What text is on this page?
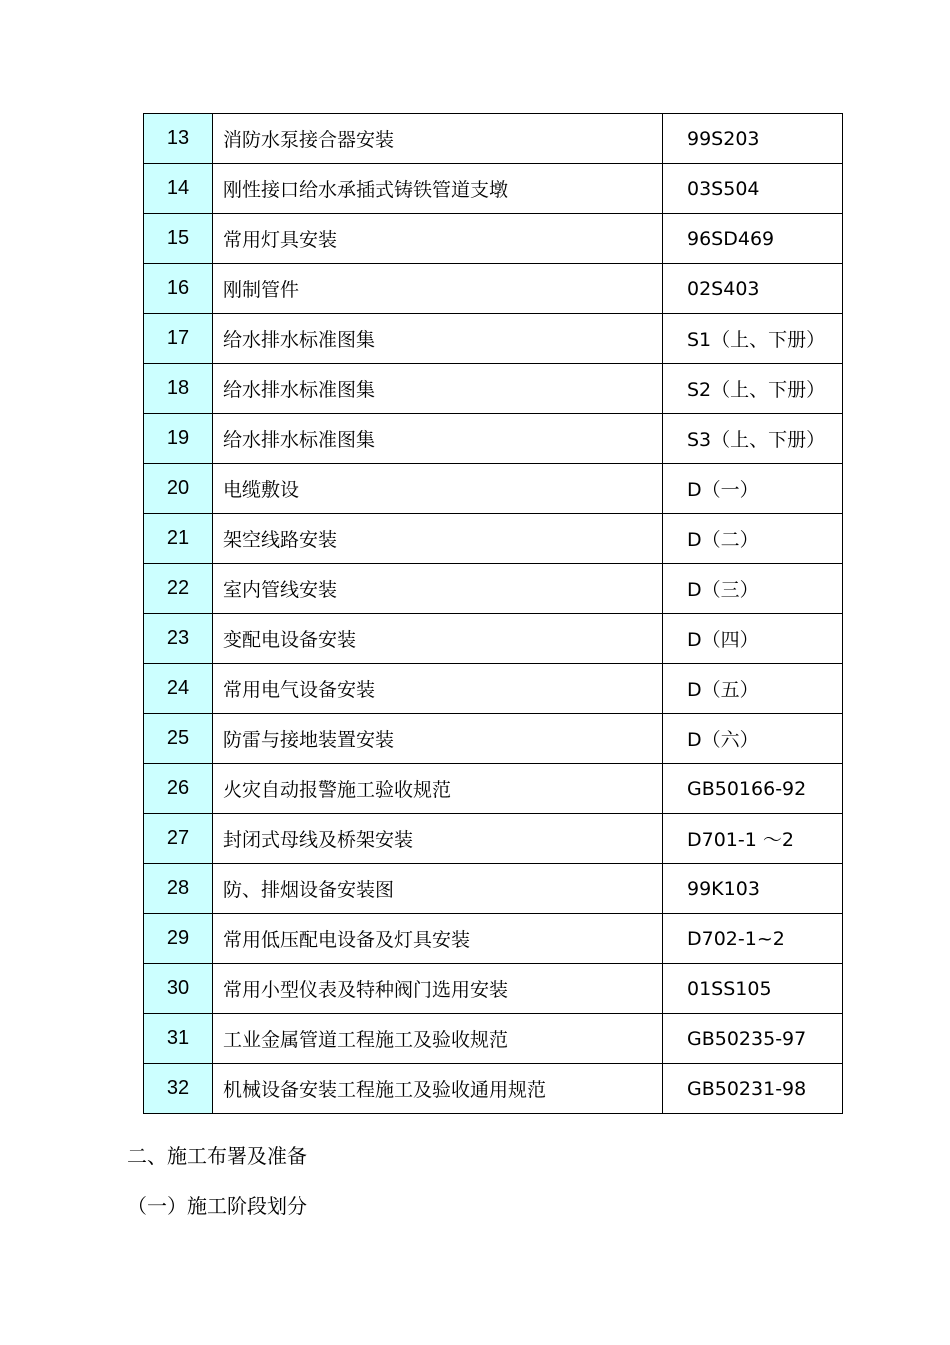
13	消防水泵接合器安装	99S203
14	刚性接口给水承插式铸铁管道支墩	03S504
15	常用灯具安装	96SD469
16	刚制管件	02S403
17	给水排水标准图集	S1（上、下册）
18	给水排水标准图集	S2（上、下册）
19	给水排水标准图集	S3（上、下册）
20	电缆敷设	D（一）
21	架空线路安装	D（二）
22	室内管线安装	D（三）
23	变配电设备安装	D（四）
24	常用电气设备安装	D（五）
25	防雷与接地装置安装	D（六）
26	火灾自动报警施工验收规范	GB50166-92
27	封闭式母线及桥架安装	D701-1 ～2
28	防、排烟设备安装图	99K103
29	常用低压配电设备及灯具安装	D702-1~2
30	常用小型仪表及特种阀门选用安装	01SS105
31	工业金属管道工程施工及验收规范	GB50235-97
32	机械设备安装工程施工及验收通用规范	GB50231-98
二、施工布署及准备
（一）施工阶段划分
